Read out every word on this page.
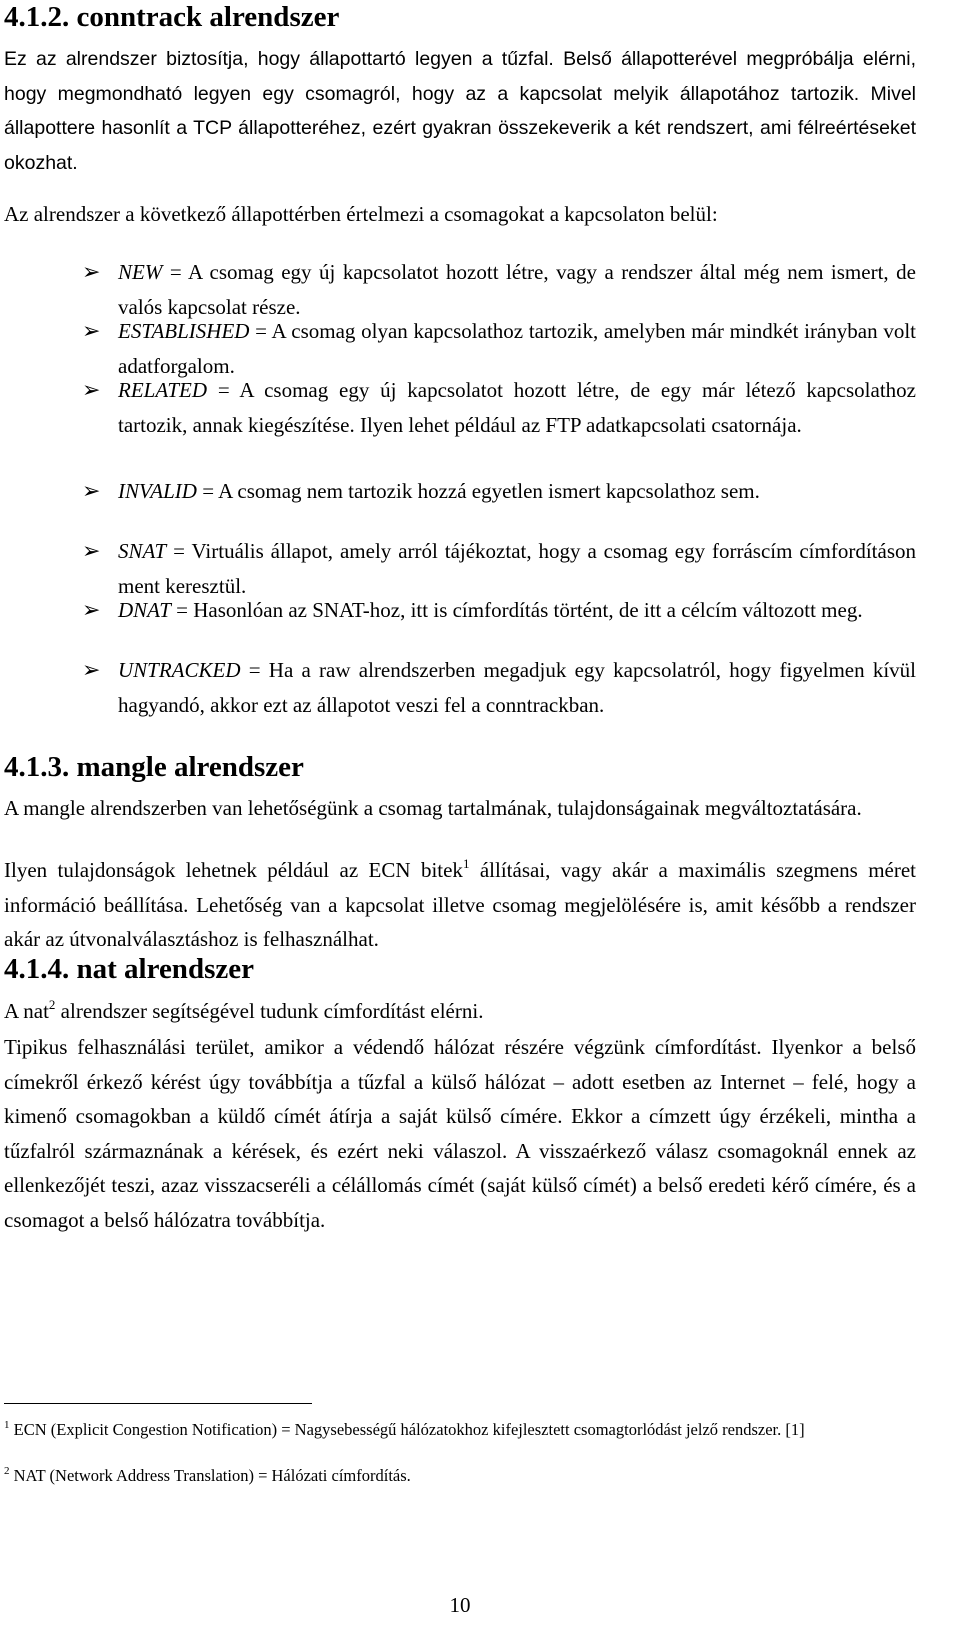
4.1.2. conntrack alrendszer

Ez az alrendszer biztosítja, hogy állapottartó legyen a tűzfal. Belső állapotterével megpróbálja elérni, hogy megmondható legyen egy csomagról, hogy az a kapcsolat melyik állapotához tartozik. Mivel állapottere hasonlít a TCP állapotteréhez, ezért gyakran összekeverik a két rendszert, ami félreértéseket okozhat.

Az alrendszer a következő állapottérben értelmezi a csomagokat a kapcsolaton belül:

➢ NEW = A csomag egy új kapcsolatot hozott létre, vagy a rendszer által még nem ismert, de valós kapcsolat része.

➢ ESTABLISHED = A csomag olyan kapcsolathoz tartozik, amelyben már mindkét irányban volt adatforgalom.

➢ RELATED = A csomag egy új kapcsolatot hozott létre, de egy már létező kapcsolathoz tartozik, annak kiegészítése. Ilyen lehet például az FTP adatkapcsolati csatornája.

➢ INVALID = A csomag nem tartozik hozzá egyetlen ismert kapcsolathoz sem.

➢ SNAT = Virtuális állapot, amely arról tájékoztat, hogy a csomag egy forráscím címfordításon ment keresztül.

➢ DNAT = Hasonlóan az SNAT-hoz, itt is címfordítás történt, de itt a célcím változott meg.

➢ UNTRACKED = Ha a raw alrendszerben megadjuk egy kapcsolatról, hogy figyelmen kívül hagyandó, akkor ezt az állapotot veszi fel a conntrackban.

4.1.3. mangle alrendszer

A mangle alrendszerben van lehetőségünk a csomag tartalmának, tulajdonságainak megváltoztatására.

Ilyen tulajdonságok lehetnek például az ECN bitek$^1$ állításai, vagy akár a maximális szegmens méret információ beállítása. Lehetőség van a kapcsolat illetve csomag megjelölésére is, amit később a rendszer akár az útvonalválasztáshoz is felhasználhat.

4.1.4. nat alrendszer

A nat$^2$ alrendszer segítségével tudunk címfordítást elérni.

Tipikus felhasználási terület, amikor a védendő hálózat részére végzünk címfordítást. Ilyenkor a belső címekről érkező kérést úgy továbbítja a tűzfal a külső hálózat – adott esetben az Internet – felé, hogy a kimenő csomagokban a küldő címét átírja a saját külső címére. Ekkor a címzett úgy érzékeli, mintha a tűzfalról származnának a kérések, és ezért neki válaszol. A visszaérkező válasz csomagoknál ennek az ellenkezőjét teszi, azaz visszacseréli a célállomás címét (saját külső címét) a belső eredeti kérő címére, és a csomagot a belső hálózatra továbbítja.

$^1$ ECN (Explicit Congestion Notification) = Nagysebességű hálózatokhoz kifejlesztett csomagtorlódást jelző rendszer. [1]

$^2$ NAT (Network Address Translation) = Hálózati címfordítás.

10
